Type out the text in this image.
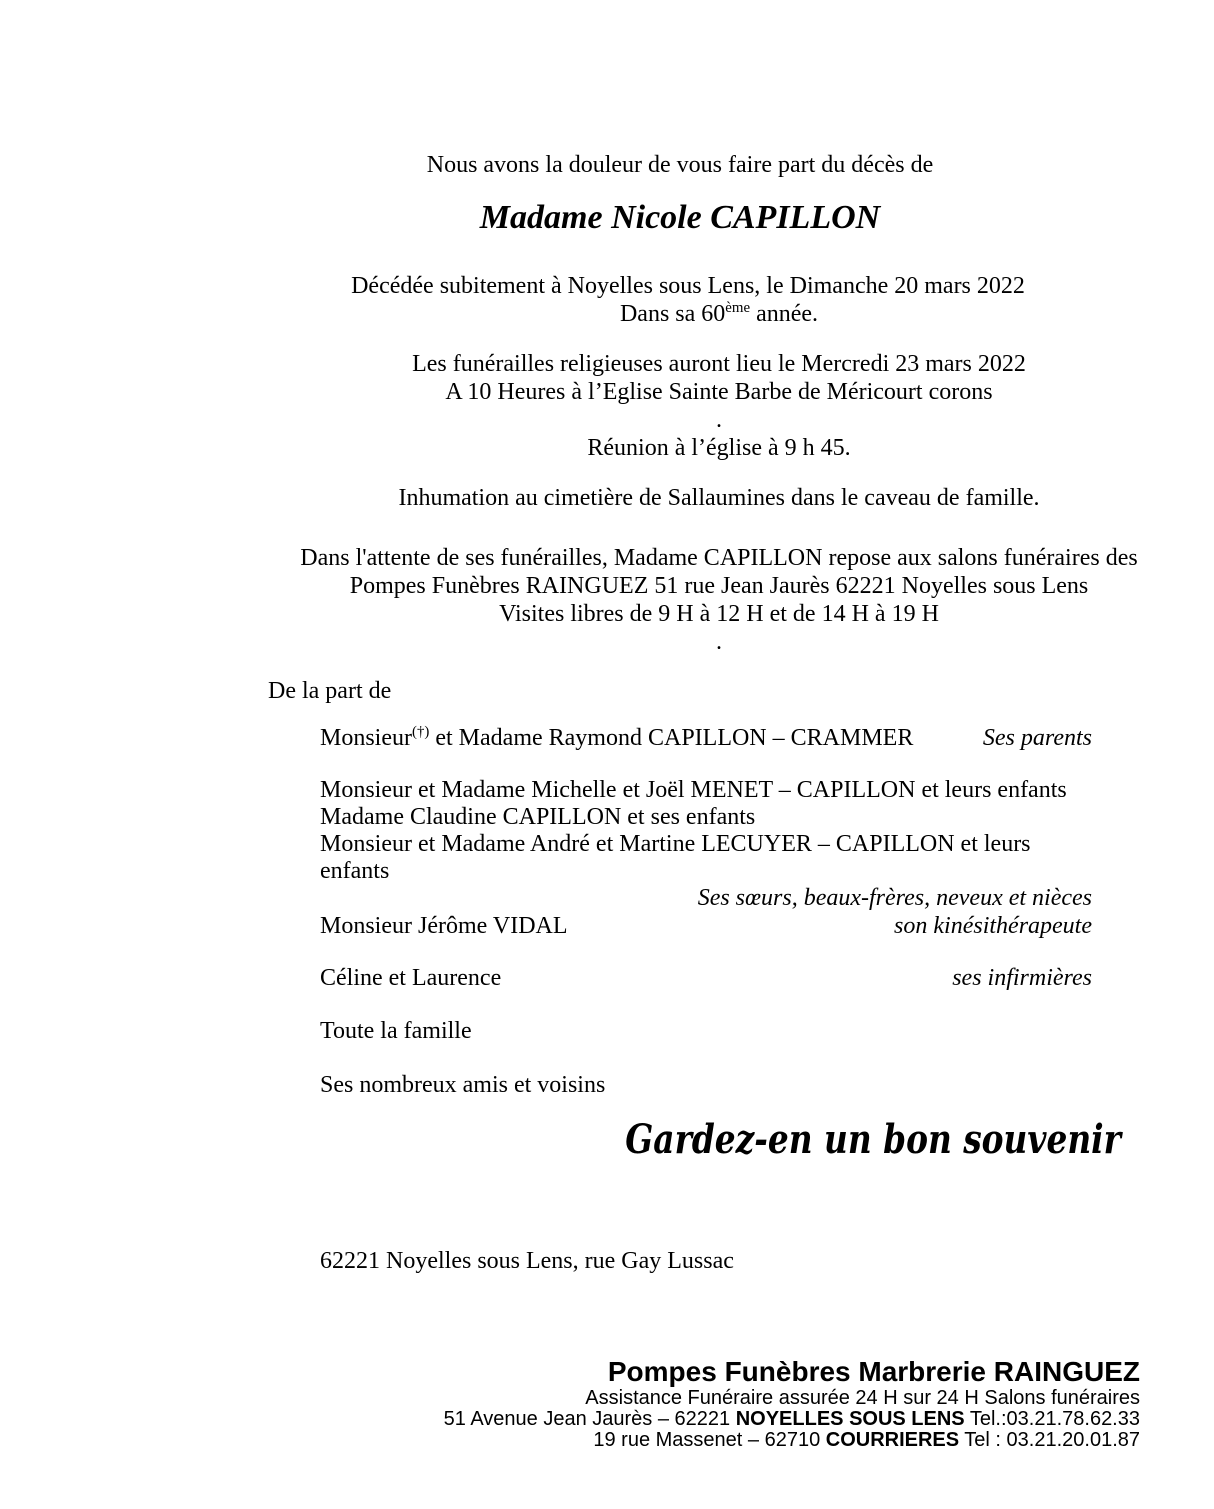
Nous avons la douleur de vous faire part du décès de
Madame Nicole CAPILLON
Décédée subitement à Noyelles sous Lens, le Dimanche 20 mars 2022
Dans sa 60ème année.
Les funérailles religieuses auront lieu le Mercredi 23 mars 2022
A 10 Heures à l’Eglise Sainte Barbe de Méricourt corons
.
Réunion à l’église à 9 h 45.
Inhumation au cimetière de Sallaumines dans le caveau de famille.
Dans l'attente de ses funérailles, Madame CAPILLON repose aux salons funéraires des
Pompes Funèbres RAINGUEZ 51 rue Jean Jaurès 62221 Noyelles sous Lens
Visites libres de 9 H à 12 H et de 14 H à 19 H
.
De la part de
Monsieur(†) et Madame Raymond CAPILLON – CRAMMER	Ses parents
Monsieur et Madame Michelle et Joël MENET – CAPILLON et leurs enfants
Madame Claudine CAPILLON et ses enfants
Monsieur et Madame André et Martine LECUYER – CAPILLON et leurs enfants
Ses sœurs, beaux-frères, neveux et nièces
Monsieur Jérôme VIDAL	son kinésithérapeute
Céline et Laurence	ses infirmières
Toute la famille
Ses nombreux amis et voisins
Gardez-en un bon souvenir
62221 Noyelles sous Lens, rue Gay Lussac
Pompes Funèbres Marbrerie RAINGUEZ
Assistance Funéraire assurée 24 H sur 24 H Salons funéraires
51 Avenue Jean Jaurès – 62221 NOYELLES SOUS LENS Tel.:03.21.78.62.33
19 rue Massenet – 62710 COURRIERES Tel : 03.21.20.01.87
